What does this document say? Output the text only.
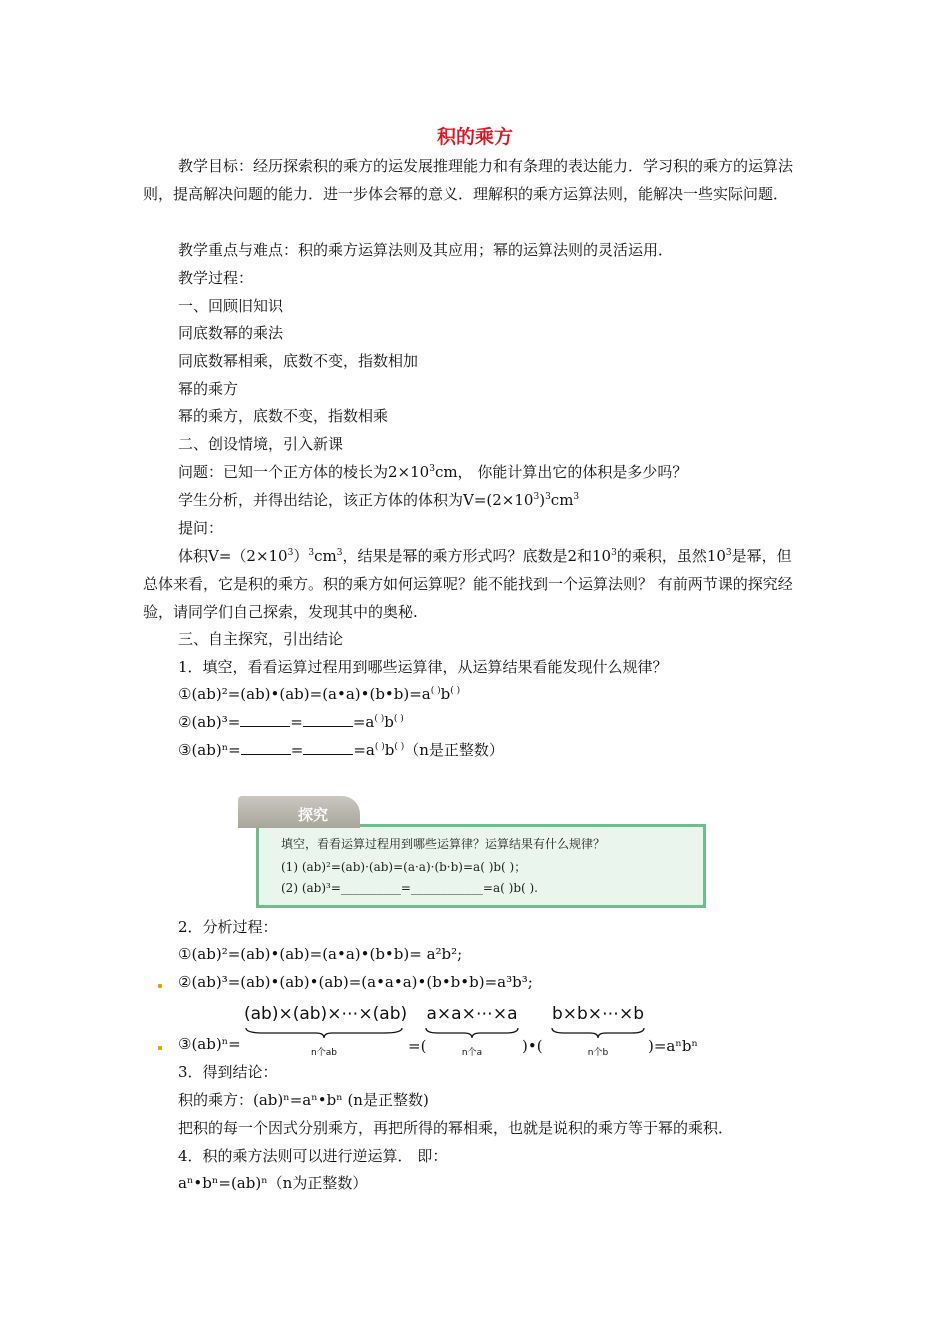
积的乘方
教学目标：经历探索积的乘方的运发展推理能力和有条理的表达能力．学习积的乘方的运算法则，提高解决问题的能力．进一步体会幂的意义．理解积的乘方运算法则，能解决一些实际问题．
教学重点与难点：积的乘方运算法则及其应用；幂的运算法则的灵活运用．
教学过程：
一、回顾旧知识
同底数幂的乘法
同底数幂相乘，底数不变，指数相加
幂的乘方
幂的乘方，底数不变，指数相乘
二、创设情境，引入新课
问题：已知一个正方体的棱长为$2\times 10^3cm$， 你能计算出它的体积是多少吗？
学生分析，并得出结论，该正方体的体积为$V=(2\times 10^3)^3cm^3$
提问：
体积$V=(2\times 10^3)^3cm^3$，结果是幂的乘方形式吗？底数是2和$10^3$的乘积，虽然$10^3$是幂，但总体来看，它是积的乘方。积的乘方如何运算呢？能不能找到一个运算法则？ 有前两节课的探究经验，请同学们自己探索，发现其中的奥秘.
三、自主探究，引出结论
1．填空，看看运算过程用到哪些运算律，从运算结果看能发现什么规律？
①(ab)²=(ab)•(ab)=(a•a)•(b•b)=a( )b( )
②(ab)³=	=	=a( )b( )
③(ab)ⁿ=	=	=a( )b( )（n是正整数）
填空，看看运算过程用到哪些运算律？运算结果有什么规律？
(1) (ab)²=(ab)·(ab)=(a·a)·(b·b)=a( )b( )；
(2) (ab)³=__________=____________=a( )b( ).
探究
2．分析过程：
①(ab)²=(ab)•(ab)=(a•a)•(b•b)= a²b²;
②(ab)³=(ab)•(ab)•(ab)=(a•a•a)•(b•b•b)=a³b³;
③(ab)ⁿ=
(ab)×(ab)×⋯×(ab)
n个ab	=(
a×a×⋯×a
n个a	)•(
b×b×⋯×b
n个b	)=aⁿbⁿ
3．得到结论：
积的乘方：(ab)ⁿ=aⁿ•bⁿ (n是正整数)
把积的每一个因式分别乘方，再把所得的幂相乘，也就是说积的乘方等于幂的乘积．
4．积的乘方法则可以进行逆运算． 即：
aⁿ•bⁿ=(ab)ⁿ（n为正整数）
